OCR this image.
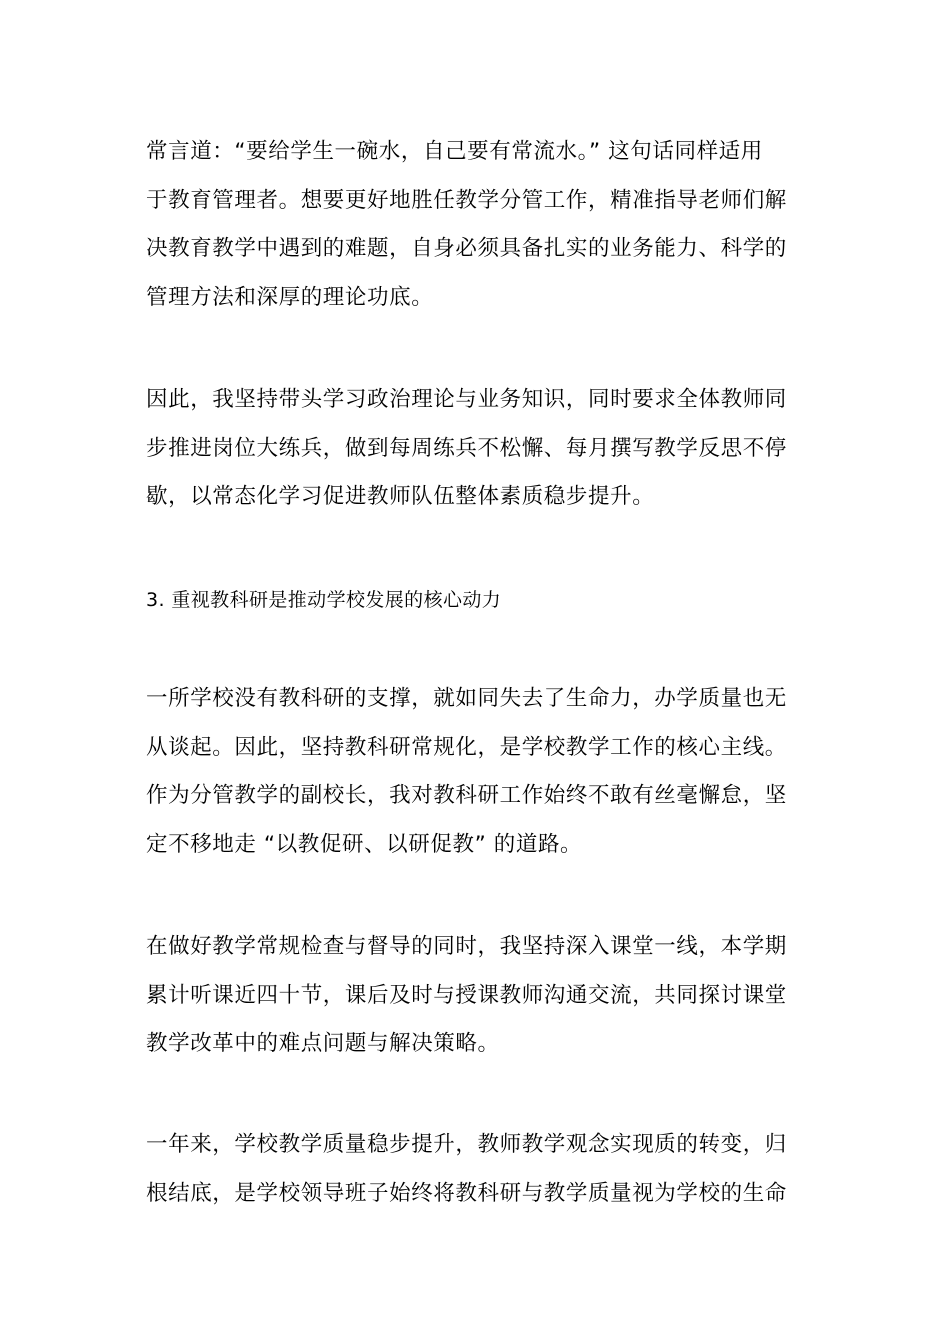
常言道：“要给学生一碗水，自己要有常流水。” 这句话同样适用
于教育管理者。想要更好地胜任教学分管工作，精准指导老师们解
决教育教学中遇到的难题，自身必须具备扎实的业务能力、科学的
管理方法和深厚的理论功底。
因此，我坚持带头学习政治理论与业务知识，同时要求全体教师同
步推进岗位大练兵，做到每周练兵不松懈、每月撰写教学反思不停
歇，以常态化学习促进教师队伍整体素质稳步提升。
3. 重视教科研是推动学校发展的核心动力
一所学校没有教科研的支撑，就如同失去了生命力，办学质量也无
从谈起。因此，坚持教科研常规化，是学校教学工作的核心主线。
作为分管教学的副校长，我对教科研工作始终不敢有丝毫懈怠，坚
定不移地走 “以教促研、以研促教” 的道路。
在做好教学常规检查与督导的同时，我坚持深入课堂一线，本学期
累计听课近四十节，课后及时与授课教师沟通交流，共同探讨课堂
教学改革中的难点问题与解决策略。
一年来，学校教学质量稳步提升，教师教学观念实现质的转变，归
根结底，是学校领导班子始终将教科研与教学质量视为学校的生命
